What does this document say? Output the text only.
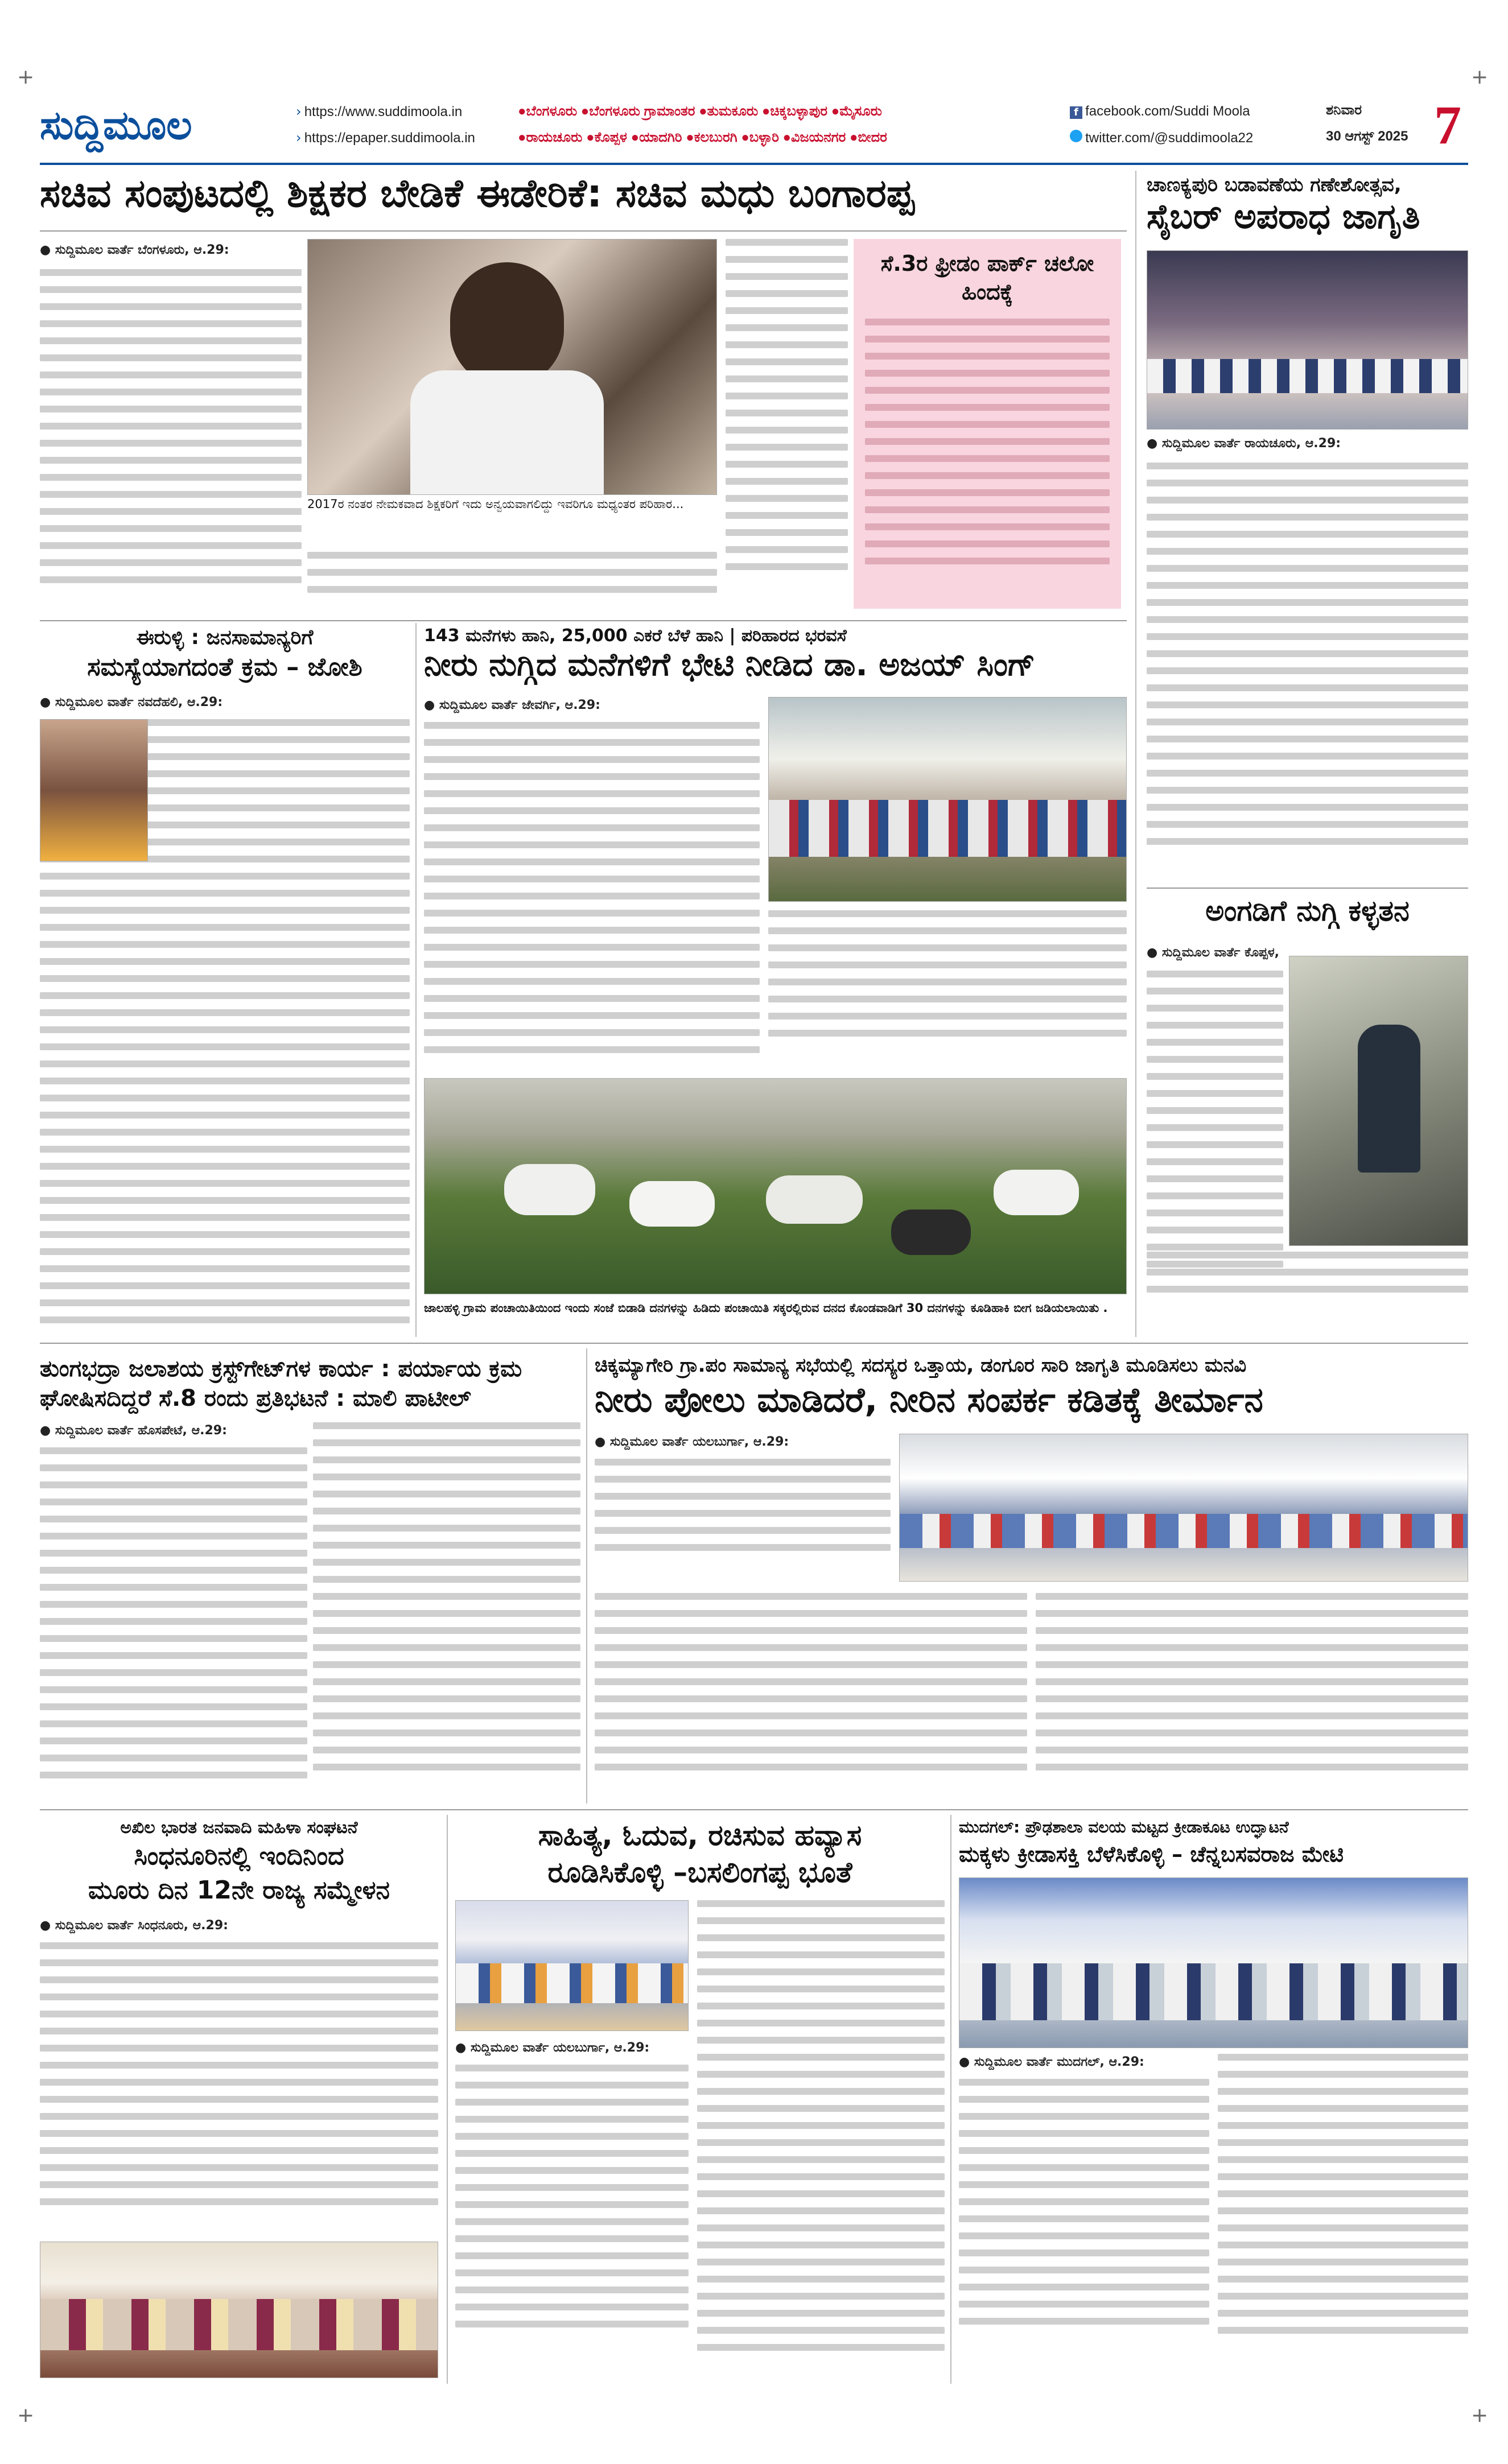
+	+
+	+
ಸುದ್ದಿಮೂಲ	› https://www.suddimoola.in
› https://epaper.suddimoola.in
●ಬೆಂಗಳೂರು ●ಬೆಂಗಳೂರು ಗ್ರಾಮಾಂತರ ●ತುಮಕೂರು ●ಚಿಕ್ಕಬಳ್ಳಾಪುರ ●ಮೈಸೂರು
●ರಾಯಚೂರು ●ಕೊಪ್ಪಳ ●ಯಾದಗಿರಿ ●ಕಲಬುರಗಿ ●ಬಳ್ಳಾರಿ ●ವಿಜಯನಗರ ●ಬೀದರ
f facebook.com/Suddi Moola
twitter.com/@suddimoola22
ಶನಿವಾರ
30 ಆಗಸ್ಟ್ 2025 7
ಸಚಿವ ಸಂಪುಟದಲ್ಲಿ ಶಿಕ್ಷಕರ ಬೇಡಿಕೆ ಈಡೇರಿಕೆ: ಸಚಿವ ಮಧು ಬಂಗಾರಪ್ಪ
● ಸುದ್ದಿಮೂಲ ವಾರ್ತೆ ಬೆಂಗಳೂರು, ಆ.29:
2017ರ ನಂತರ ನೇಮಕವಾದ ಶಿಕ್ಷಕರಿಗೆ ಇದು ಅನ್ವಯವಾಗಲಿದ್ದು ಇವರಿಗೂ ಮಧ್ಯಂತರ ಪರಿಹಾರ...
ಸೆ.3ರ ಫ್ರೀಡಂ ಪಾರ್ಕ್ ಚಲೋ ಹಿಂದಕ್ಕೆ
ಚಾಣಕ್ಯಪುರಿ ಬಡಾವಣೆಯ ಗಣೇಶೋತ್ಸವ,
ಸೈಬರ್ ಅಪರಾಧ ಜಾಗೃತಿ
● ಸುದ್ದಿಮೂಲ ವಾರ್ತೆ ರಾಯಚೂರು, ಆ.29:
ಅಂಗಡಿಗೆ ನುಗ್ಗಿ ಕಳ್ಳತನ
● ಸುದ್ದಿಮೂಲ ವಾರ್ತೆ ಕೊಪ್ಪಳ,
ಈರುಳ್ಳಿ : ಜನಸಾಮಾನ್ಯರಿಗೆ
ಸಮಸ್ಯೆಯಾಗದಂತೆ ಕ್ರಮ – ಜೋಶಿ
● ಸುದ್ದಿಮೂಲ ವಾರ್ತೆ ನವದೆಹಲಿ, ಆ.29:
143 ಮನೆಗಳು ಹಾನಿ, 25,000 ಎಕರೆ ಬೆಳೆ ಹಾನಿ | ಪರಿಹಾರದ ಭರವಸೆ
ನೀರು ನುಗ್ಗಿದ ಮನೆಗಳಿಗೆ ಭೇಟಿ ನೀಡಿದ ಡಾ. ಅಜಯ್ ಸಿಂಗ್
● ಸುದ್ದಿಮೂಲ ವಾರ್ತೆ ಜೇವರ್ಗಿ, ಆ.29:
ಜಾಲಹಳ್ಳಿ ಗ್ರಾಮ ಪಂಚಾಯಿತಿಯಿಂದ ಇಂದು ಸಂಜೆ ಬಿಡಾಡಿ ದನಗಳನ್ನು ಹಿಡಿದು ಪಂಚಾಯಿತಿ ಸಕ್ಕರಲ್ಲಿರುವ ದನದ ಕೊಂಡವಾಡಿಗೆ 30 ದನಗಳನ್ನು ಕೂಡಿಹಾಕಿ ಬೀಗ ಜಡಿಯಲಾಯಿತು .
ತುಂಗಭದ್ರಾ ಜಲಾಶಯ ಕ್ರಸ್ಟ್‌ಗೇಟ್‌ಗಳ ಕಾರ್ಯ : ಪರ್ಯಾಯ ಕ್ರಮ ಘೋಷಿಸದಿದ್ದರೆ ಸೆ.8 ರಂದು ಪ್ರತಿಭಟನೆ : ಮಾಲಿ ಪಾಟೀಲ್
● ಸುದ್ದಿಮೂಲ ವಾರ್ತೆ ಹೊಸಪೇಟೆ, ಆ.29:
ಚಿಕ್ಕಮ್ಯಾಗೇರಿ ಗ್ರಾ.ಪಂ ಸಾಮಾನ್ಯ ಸಭೆಯಲ್ಲಿ ಸದಸ್ಯರ ಒತ್ತಾಯ, ಡಂಗೂರ ಸಾರಿ ಜಾಗೃತಿ ಮೂಡಿಸಲು ಮನವಿ
ನೀರು ಪೋಲು ಮಾಡಿದರೆ, ನೀರಿನ ಸಂಪರ್ಕ ಕಡಿತಕ್ಕೆ ತೀರ್ಮಾನ
● ಸುದ್ದಿಮೂಲ ವಾರ್ತೆ ಯಲಬುರ್ಗಾ, ಆ.29:
ಅಖಿಲ ಭಾರತ ಜನವಾದಿ ಮಹಿಳಾ ಸಂಘಟನೆ
ಸಿಂಧನೂರಿನಲ್ಲಿ ಇಂದಿನಿಂದ
ಮೂರು ದಿನ 12ನೇ ರಾಜ್ಯ ಸಮ್ಮೇಳನ
● ಸುದ್ದಿಮೂಲ ವಾರ್ತೆ ಸಿಂಧನೂರು, ಆ.29:
ಸಾಹಿತ್ಯ, ಓದುವ, ರಚಿಸುವ ಹವ್ಯಾಸ
ರೂಡಿಸಿಕೊಳ್ಳಿ –ಬಸಲಿಂಗಪ್ಪ ಭೂತೆ
● ಸುದ್ದಿಮೂಲ ವಾರ್ತೆ ಯಲಬುರ್ಗಾ, ಆ.29:
ಮುದಗಲ್: ಪ್ರೌಢಶಾಲಾ ವಲಯ ಮಟ್ಟದ ಕ್ರೀಡಾಕೂಟ ಉದ್ಘಾಟನೆ
ಮಕ್ಕಳು ಕ್ರೀಡಾಸಕ್ತಿ ಬೆಳೆಸಿಕೊಳ್ಳಿ – ಚೆನ್ನಬಸವರಾಜ ಮೇಟಿ
● ಸುದ್ದಿಮೂಲ ವಾರ್ತೆ ಮುದಗಲ್, ಆ.29:
